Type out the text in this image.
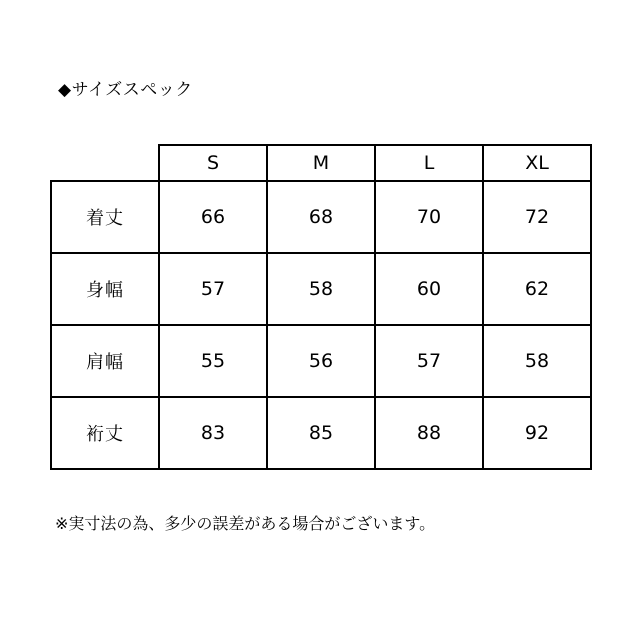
◆サイズスペック
	S	M	L	XL
着丈	66	68	70	72
身幅	57	58	60	62
肩幅	55	56	57	58
裄丈	83	85	88	92
※実寸法の為、多少の誤差がある場合がございます。
